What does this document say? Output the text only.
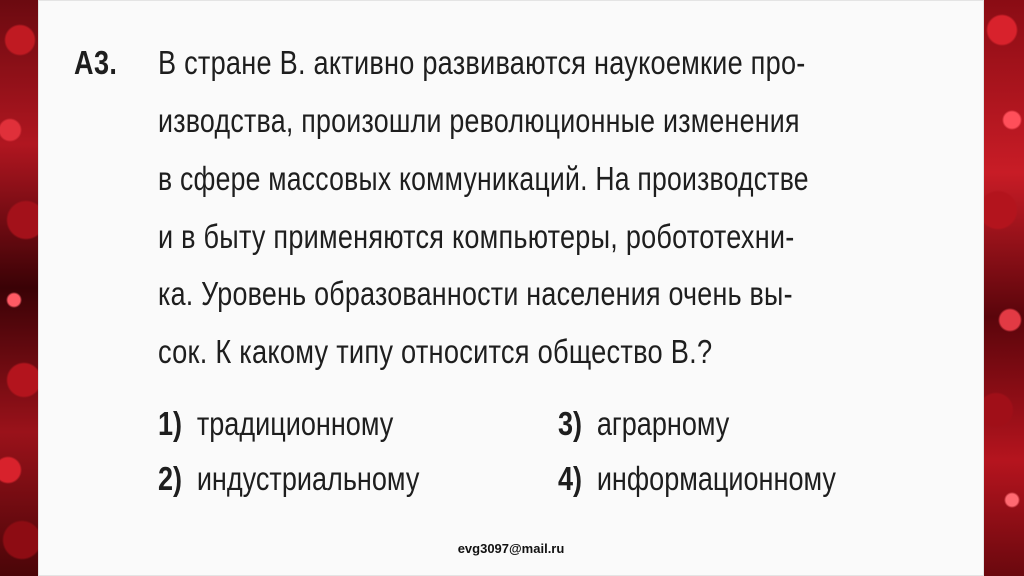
А3. В стране В. активно развиваются наукоемкие про-
изводства, произошли революционные изменения
в сфере массовых коммуникаций. На производстве
и в быту применяются компьютеры, робототехни-
ка. Уровень образованности населения очень вы-
сок. К какому типу относится общество В.?
1) традиционному
2) индустриальному
3) аграрному
4) информационному
evg3097@mail.ru
